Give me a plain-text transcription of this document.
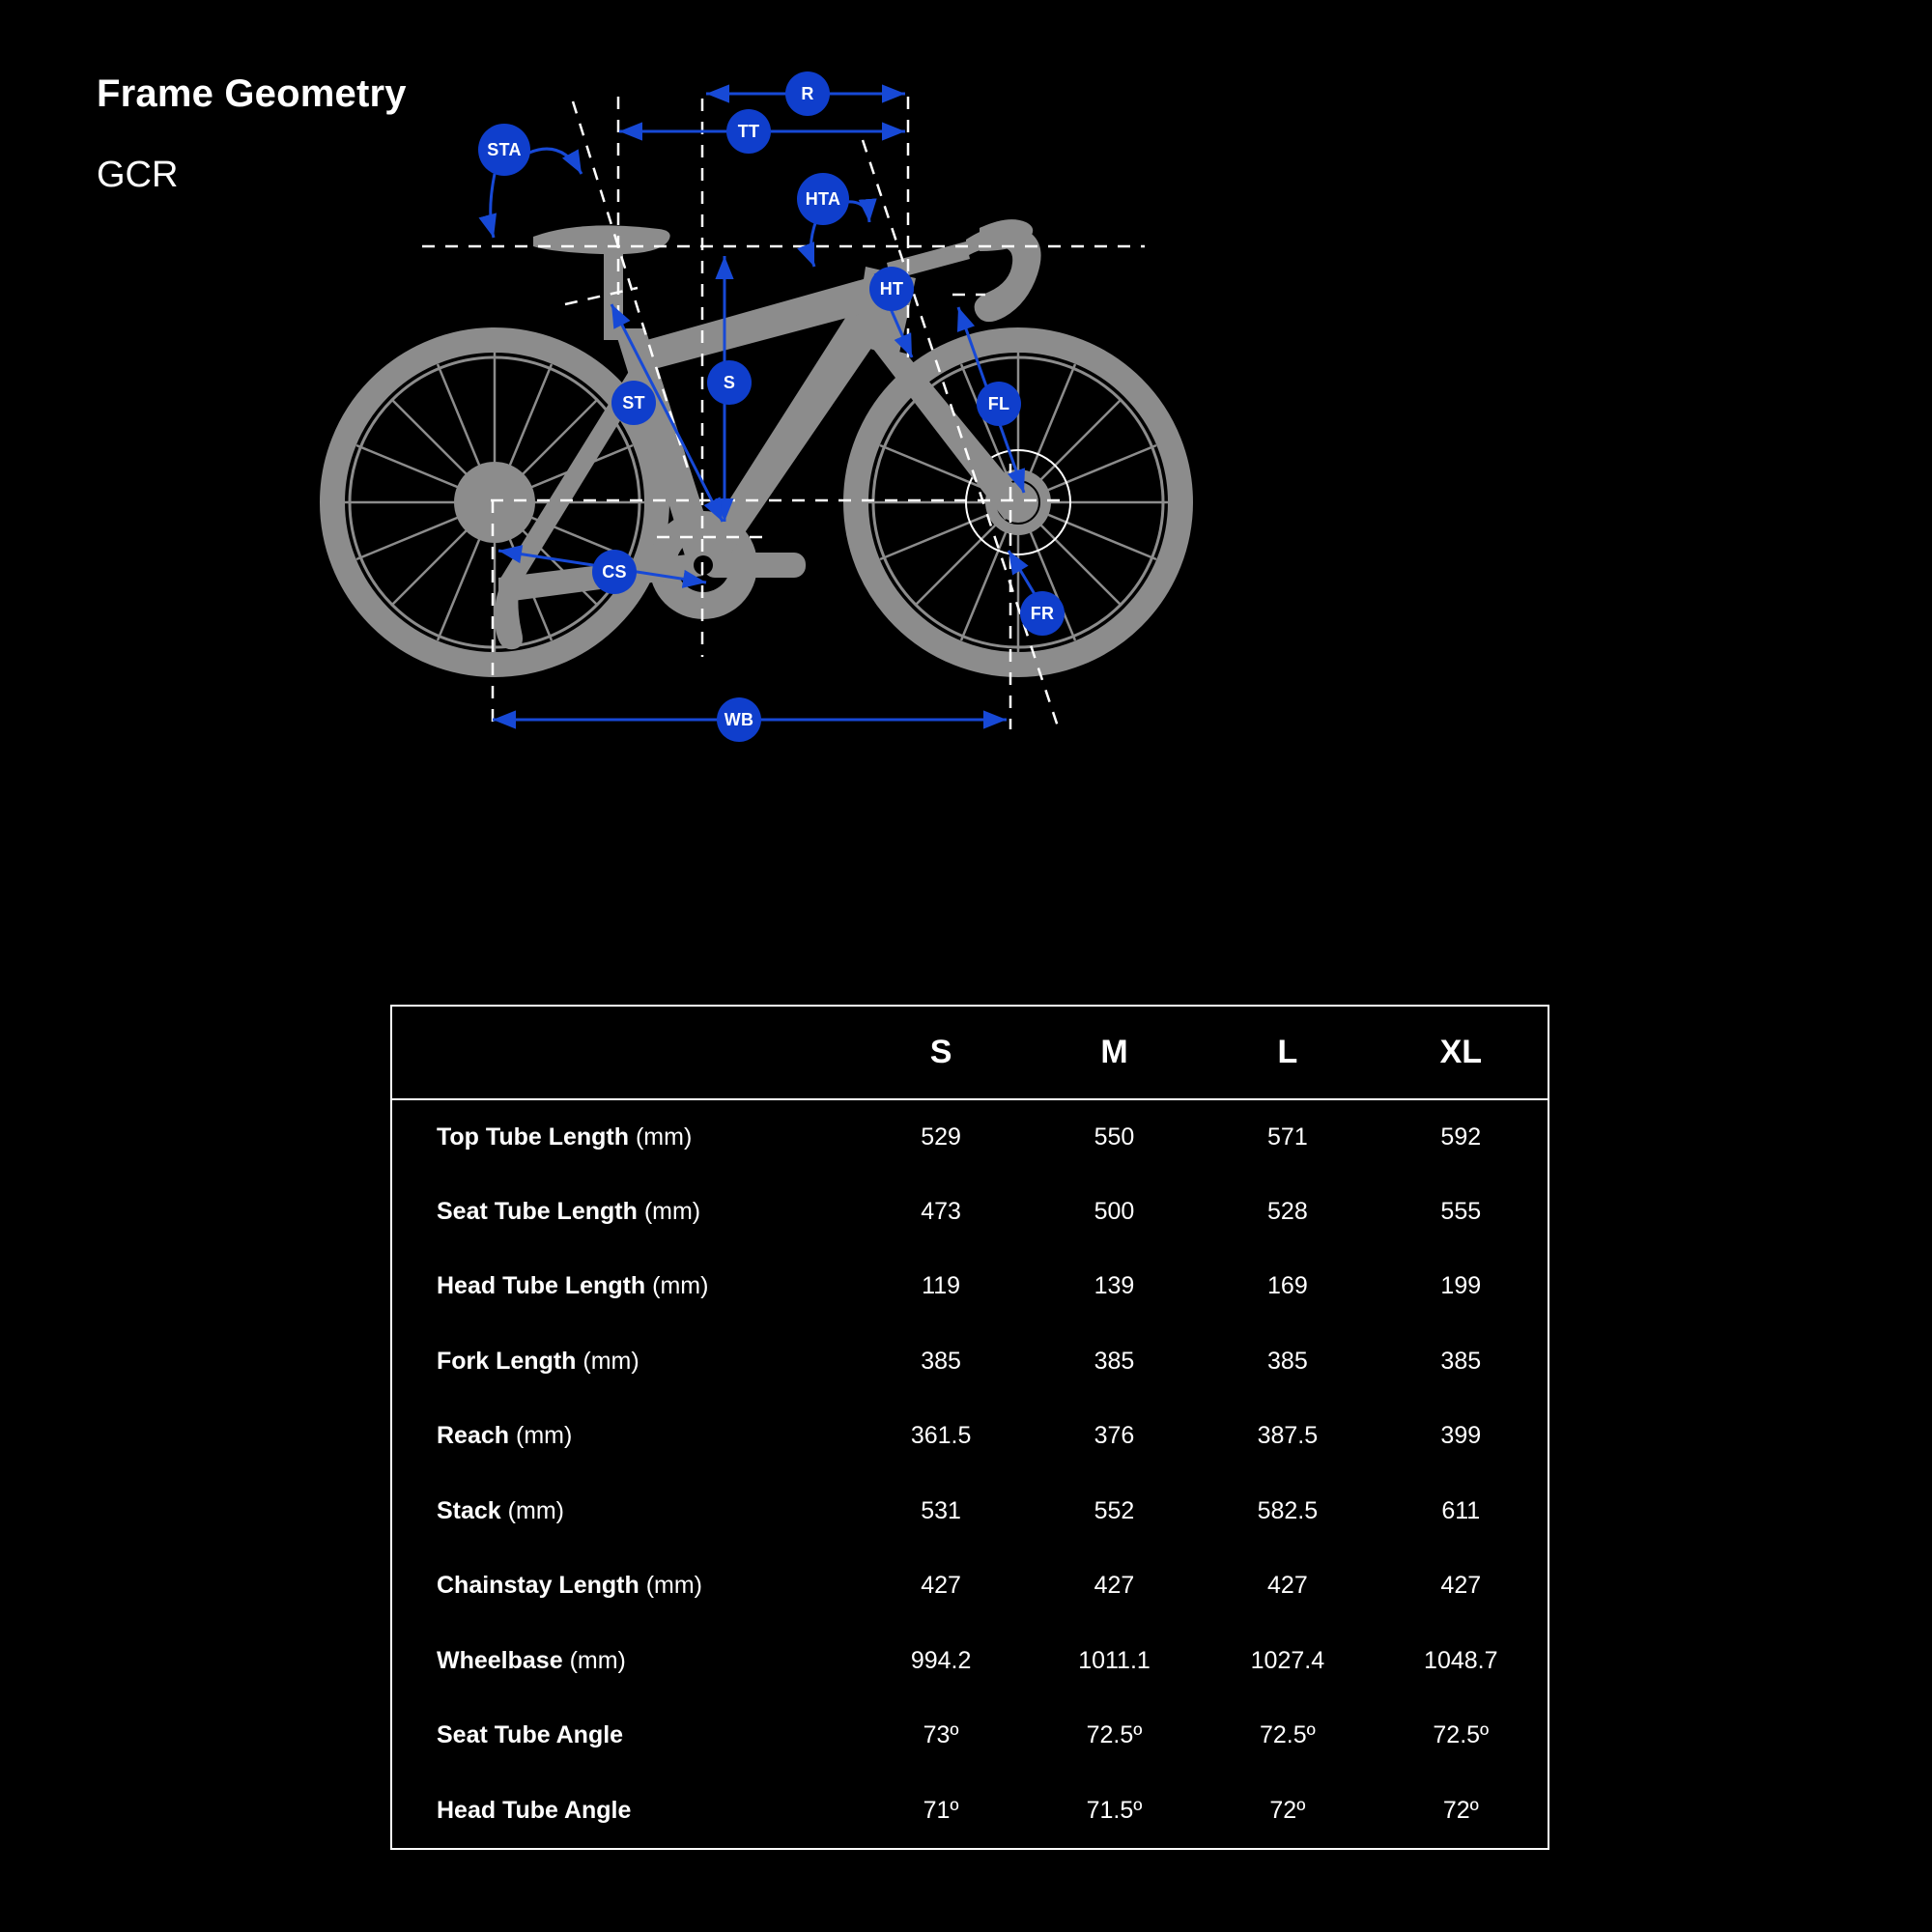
Frame Geometry
GCR
STA
TT
R
HTA
HT
S
ST	FL
CS
FR
WB
	S	M	L	XL
Top Tube Length (mm)	529	550	571	592
Seat Tube Length (mm)	473	500	528	555
Head Tube Length (mm)	119	139	169	199
Fork Length (mm)	385	385	385	385
Reach (mm)	361.5	376	387.5	399
Stack (mm)	531	552	582.5	611
Chainstay Length (mm)	427	427	427	427
Wheelbase (mm)	994.2	1011.1	1027.4	1048.7
Seat Tube Angle	73º	72.5º	72.5º	72.5º
Head Tube Angle	71º	71.5º	72º	72º
